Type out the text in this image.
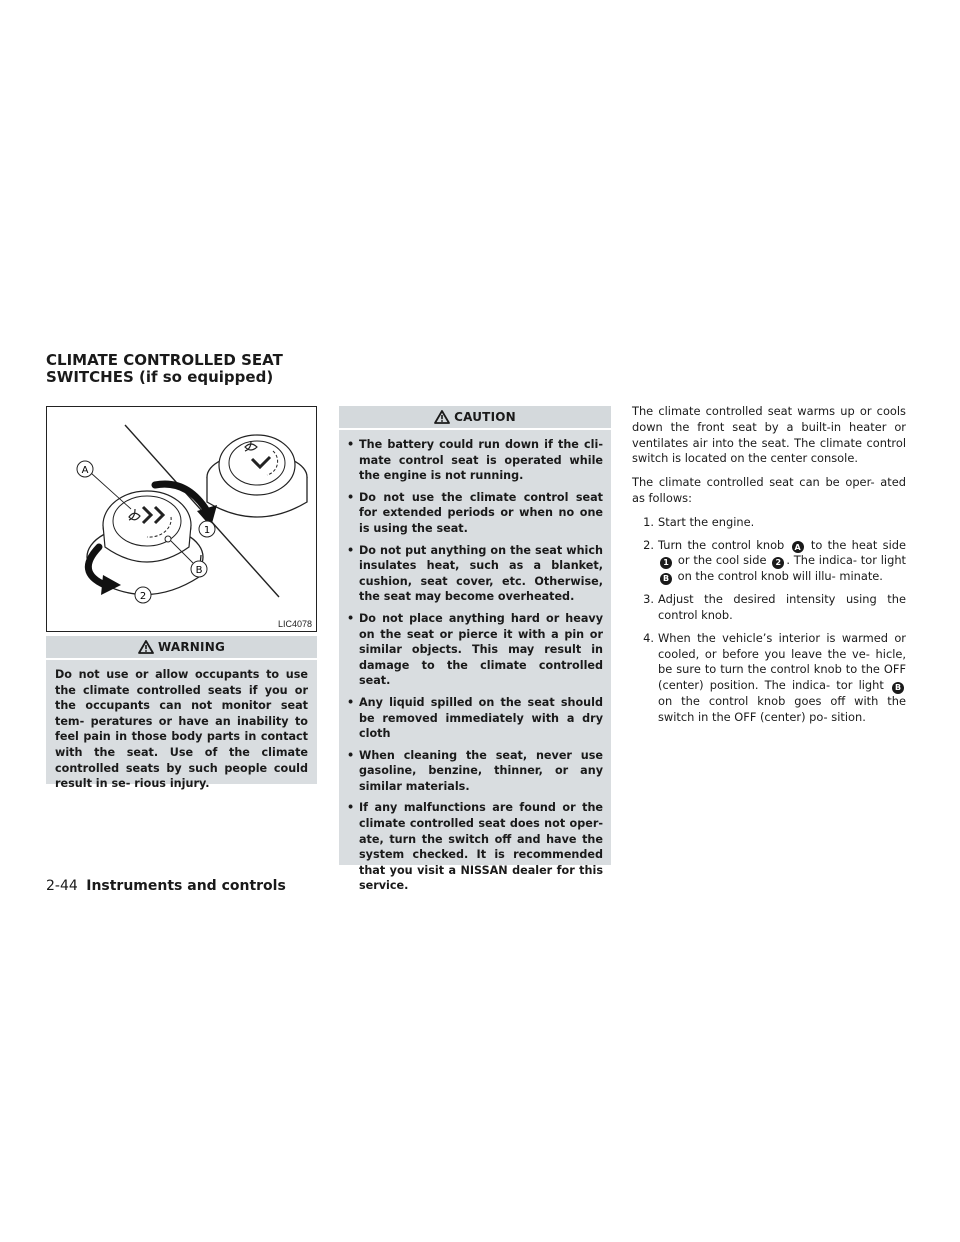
CLIMATE CONTROLLED SEAT
SWITCHES (if so equipped)
A
1
B
2
LIC4078
WARNING

Do not use or allow occupants to use the climate controlled seats if you or the occupants can not monitor seat tem- peratures or have an inability to feel pain in those body parts in contact with the seat. Use of the climate controlled seats by such people could result in se- rious injury.

CAUTION
• The battery could run down if the cli- mate control seat is operated while the engine is not running.
• Do not use the climate control seat for extended periods or when no one is using the seat.
• Do not put anything on the seat which insulates heat, such as a blanket, cushion, seat cover, etc. Otherwise, the seat may become overheated.
• Do not place anything hard or heavy on the seat or pierce it with a pin or similar objects. This may result in damage to the climate controlled seat.
• Any liquid spilled on the seat should be removed immediately with a dry cloth
• When cleaning the seat, never use gasoline, benzine, thinner, or any similar materials.
• If any malfunctions are found or the climate controlled seat does not oper- ate, turn the switch off and have the system checked. It is recommended that you visit a NISSAN dealer for this service.

The climate controlled seat warms up or cools down the front seat by a built-in heater or ventilates air into the seat. The climate control switch is located on the center console.

The climate controlled seat can be oper- ated as follows:

1. Start the engine.
2. Turn the control knob A to the heat side 1 or the cool side 2 . The indica- tor light B on the control knob will illu- minate.
3. Adjust the desired intensity using the control knob.
4. When the vehicle’s interior is warmed or cooled, or before you leave the ve- hicle, be sure to turn the control knob to the OFF (center) position. The indica- tor light B on the control knob goes off with the switch in the OFF (center) po- sition.
2-44 Instruments and controls
